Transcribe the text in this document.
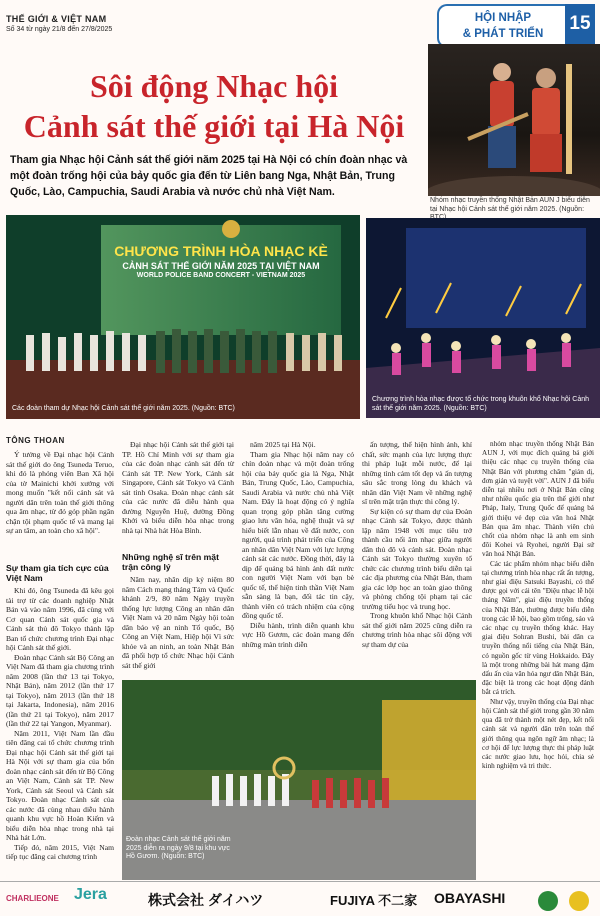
THẾ GIỚI & VIỆT NAM
Số 34 từ ngày 21/8 đến 27/8/2025
HỘI NHẬP
& PHÁT TRIỂN	15
Sôi động Nhạc hội
Cảnh sát thế giới tại Hà Nội
Tham gia Nhạc hội Cảnh sát thế giới năm 2025 tại Hà Nội có chín đoàn nhạc và một đoàn trống hội của bảy quốc gia đến từ Liên bang Nga, Nhật Bản, Trung Quốc, Lào, Campuchia, Saudi Arabia và nước chủ nhà Việt Nam.
Nhóm nhạc truyền thống Nhật Bản AUN J biểu diễn tại Nhạc hội Cảnh sát thế giới năm 2025. (Nguồn:
CHƯƠNG TRÌNH HÒA NHẠC KÈ
CẢNH SÁT THẾ GIỚI NĂM 2025 TẠI VIỆT NAM
WORLD POLICE BAND CONCERT - VIETNAM 2025
Các đoàn tham dự Nhạc hội Cảnh sát thế giới năm 2025. (Nguồn: BTC)
Chương trình hòa nhạc được tổ chức trong khuôn khổ Nhạc hội Cảnh sát thế giới năm 2025. (Nguồn: BTC)
TÔNG THOAN

Ý tưởng về Đại nhạc hội Cảnh sát thế giới do ông Tsuneda Teruo, khi đó là phóng viên Ban Xã hội của tờ Mainichi khởi xướng với mong muốn "kết nối cảnh sát và người dân trên toàn thế giới thông qua âm nhạc, từ đó góp phần ngăn chặn tội phạm quốc tế và mang lại sự an tâm, an toàn cho xã hội".

Sự tham gia tích cực của Việt Nam

Khi đó, ông Tsuneda đã kêu gọi tài trợ từ các doanh nghiệp Nhật Bản và vào năm 1996, đã cùng với Cơ quan Cảnh sát quốc gia và Cảnh sát thủ đô Tokyo thành lập Ban tổ chức chương trình Đại nhạc hội Cảnh sát thế giới.

Đoàn nhạc Cảnh sát Bộ Công an Việt Nam đã tham gia chương trình năm 2008 (lần thứ 13 tại Tokyo, Nhật Bản), năm 2012 (lần thứ 17 tại Tokyo), năm 2013 (lần thứ 18 tại Jakarta, Indonesia), năm 2016 (lần thứ 21 tại Tokyo), năm 2017 (lần thứ 22 tại Yangon, Myanmar).

Năm 2011, Việt Nam lần đầu tiên đăng cai tổ chức chương trình Đại nhạc hội Cảnh sát thế giới tại Hà Nội với sự tham gia của bốn đoàn nhạc cảnh sát đến từ Bộ Công an Việt Nam, Cảnh sát TP. New York, Cảnh sát Seoul và Cảnh sát Tokyo. Đoàn nhạc Cảnh sát của các nước đã cùng nhau diễu hành quanh khu vực hồ Hoàn Kiếm và biểu diễn hòa nhạc trong nhà tại Nhà hát Lớn.

Tiếp đó, năm 2015, Việt Nam tiếp tục đăng cai chương trình

Đại nhạc hội Cảnh sát thế giới tại TP. Hồ Chí Minh với sự tham gia của các đoàn nhạc cảnh sát đến từ Cảnh sát TP. New York, Cảnh sát Singapore, Cảnh sát Tokyo và Cảnh sát tỉnh Osaka. Đoàn nhạc cảnh sát của các nước đã diễu hành qua đường Nguyễn Huệ, đường Đồng Khởi và biểu diễn hòa nhạc trong nhà tại Nhà hát Hòa Bình.

Những nghệ sĩ trên mặt trận công lý

Năm nay, nhân dịp kỷ niệm 80 năm Cách mạng tháng Tám và Quốc khánh 2/9, 80 năm Ngày truyền thống lực lượng Công an nhân dân Việt Nam và 20 năm Ngày hội toàn dân bảo vệ an ninh Tổ quốc, Bộ Công an Việt Nam, Hiệp hội Vì sức khỏe và an ninh, an toàn Nhật Bản đã phối hợp tổ chức Nhạc hội Cảnh sát thế giới

năm 2025 tại Hà Nội.

Tham gia Nhạc hội năm nay có chín đoàn nhạc và một đoàn trống hội của bảy quốc gia là Nga, Nhật Bản, Trung Quốc, Lào, Campuchia, Saudi Arabia và nước chủ nhà Việt Nam. Đây là hoạt động có ý nghĩa quan trọng góp phần tăng cường giao lưu văn hóa, nghệ thuật và sự hiểu biết lẫn nhau về đất nước, con người, quá trình phát triển của Công an nhân dân Việt Nam với lực lượng cảnh sát các nước. Đồng thời, đây là dịp để quảng bá hình ảnh đất nước con người Việt Nam với bạn bè quốc tế, thể hiện tinh thần Việt Nam sẵn sàng là bạn, đối tác tin cậy, thành viên có trách nhiệm của cộng đồng quốc tế.

Diễu hành, trình diễn quanh khu vực Hồ Gươm, các đoàn mang đến những màn trình diễn

ấn tượng, thể hiện hình ảnh, khí chất, sức mạnh của lực lượng thực thi pháp luật mỗi nước, để lại những tình cảm tốt đẹp và ấn tượng sâu sắc trong lòng du khách và nhân dân Việt Nam về những nghệ sĩ trên mặt trận thực thi công lý.

Sự kiện có sự tham dự của Đoàn nhạc Cảnh sát Tokyo, được thành lập năm 1948 với mục tiêu trở thành cầu nối âm nhạc giữa người dân thủ đô và cảnh sát. Đoàn nhạc Cảnh sát Tokyo thường xuyên tổ chức các chương trình biểu diễn tại các địa phương của Nhật Bản, tham gia các lớp học an toàn giao thông và phòng chống tội phạm tại các trường tiểu học và trung học.

Trong khuôn khổ Nhạc hội Cảnh sát thế giới năm 2025 cũng diễn ra chương trình hòa nhạc sôi động với sự tham dự của

nhóm nhạc truyền thống Nhật Bản AUN J, với mục đích quảng bá giới thiệu các nhạc cụ truyền thống của Nhật Bản với phương châm "giản dị, đơn giản và tuyệt vời". AUN J đã biểu diễn tại nhiều nơi ở Nhật Bản cũng như nhiều quốc gia trên thế giới như Pháp, Italy, Trung Quốc để quảng bá giới thiệu vẻ đẹp của văn hoá Nhật Bản qua âm nhạc. Thành viên chủ chốt của nhóm nhạc là anh em sinh đôi Kohei và Ryohei, người Đại sứ văn hoá Nhật Bản.

Các tác phẩm nhóm nhạc biểu diễn tại chương trình hòa nhạc rất ấn tượng, như giai điệu Satsuki Bayashi, có thể được gọi với cái tên "Điệu nhạc lễ hội tháng Năm", giai điệu truyền thống của Nhật Bản, thường được biểu diễn trong các lễ hội, bao gồm trống, sáo và các nhạc cụ truyền thống khác. Hay giai điệu Sohran Bushi, bài dân ca truyền thống nổi tiếng của Nhật Bản, có nguồn gốc từ vùng Hokkaido. Đây là một trong những bài hát mang đậm dấu ấn của văn hóa ngư dân Nhật Bản, đặc biệt là trong các hoạt động đánh bắt cá trích.

Như vậy, truyền thống của Đại nhạc hội Cảnh sát thế giới trong gần 30 năm qua đã trở thành một nét đẹp, kết nối cảnh sát và người dân trên toàn thế giới thông qua ngôn ngữ âm nhạc; là cơ hội để lực lượng thực thi pháp luật các nước giao lưu, học hỏi, chia sẻ kinh nghiệm và tri thức.

Đoàn nhạc Cảnh sát thế giới năm 2025 diễn ra ngày 9/8 tại khu vực Hồ Gươm. (Nguồn: BTC)
CHARLIEONE Jera	株式会社 ダイハツ	FUJIYA 不二家 OBAYASHI
